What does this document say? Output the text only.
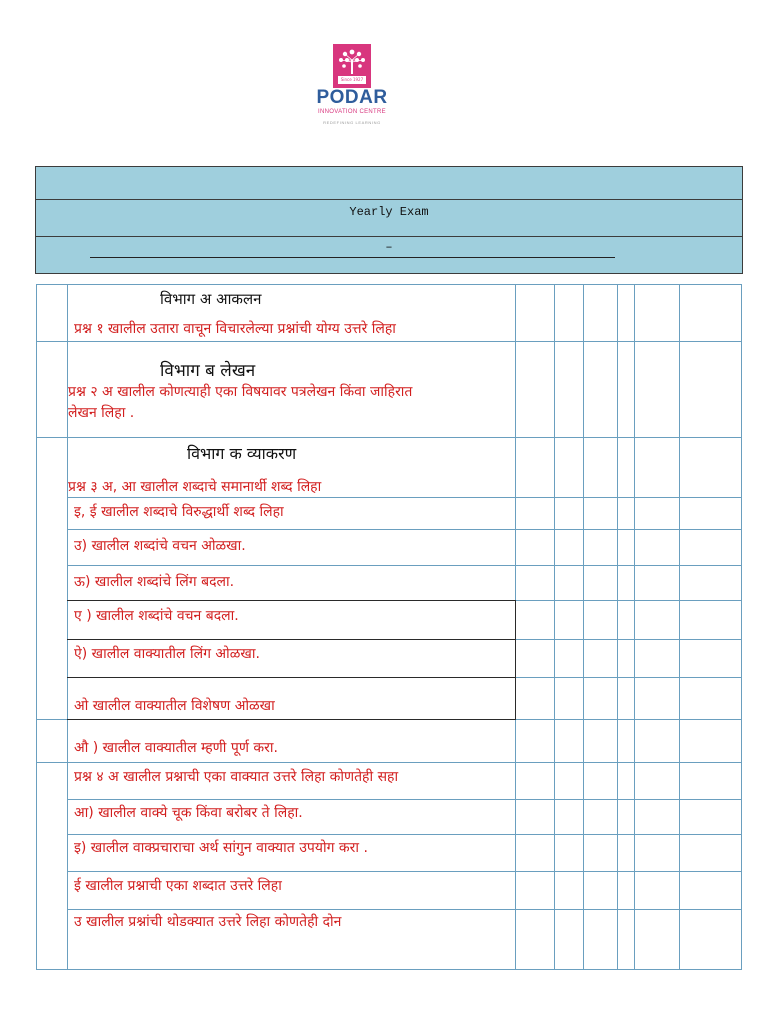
Since 1927
PODAR
INNOVATION CENTRE
REDEFINING LEARNING
Yearly Exam
–
विभाग अ आकलन
प्रश्न १ खालील उतारा वाचून विचारलेल्या प्रश्नांची योग्य उत्तरे लिहा
विभाग ब लेखन
प्रश्न २ अ खालील कोणत्याही एका विषयावर पत्रलेखन किंवा जाहिरात
लेखन लिहा .
विभाग क व्याकरण
प्रश्न ३ अ, आ खालील शब्दाचे समानार्थी शब्द लिहा
इ, ई खालील शब्दाचे विरुद्धार्थी शब्द लिहा
उ) खालील शब्दांचे वचन ओळखा.
ऊ) खालील शब्दांचे लिंग बदला.
ए ) खालील शब्दांचे वचन बदला.
ऐ) खालील वाक्यातील लिंग ओळखा.
ओ खालील वाक्यातील विशेषण ओळखा
औ ) खालील वाक्यातील म्हणी पूर्ण करा.
प्रश्न ४ अ खालील प्रश्नाची एका वाक्यात उत्तरे लिहा कोणतेही सहा
आ) खालील वाक्ये चूक किंवा बरोबर ते लिहा.
इ) खालील वाक्प्रचाराचा अर्थ सांगुन वाक्यात उपयोग करा .
ई खालील प्रश्नाची एका शब्दात उत्तरे लिहा
उ खालील प्रश्नांची थोडक्यात उत्तरे लिहा कोणतेही दोन
